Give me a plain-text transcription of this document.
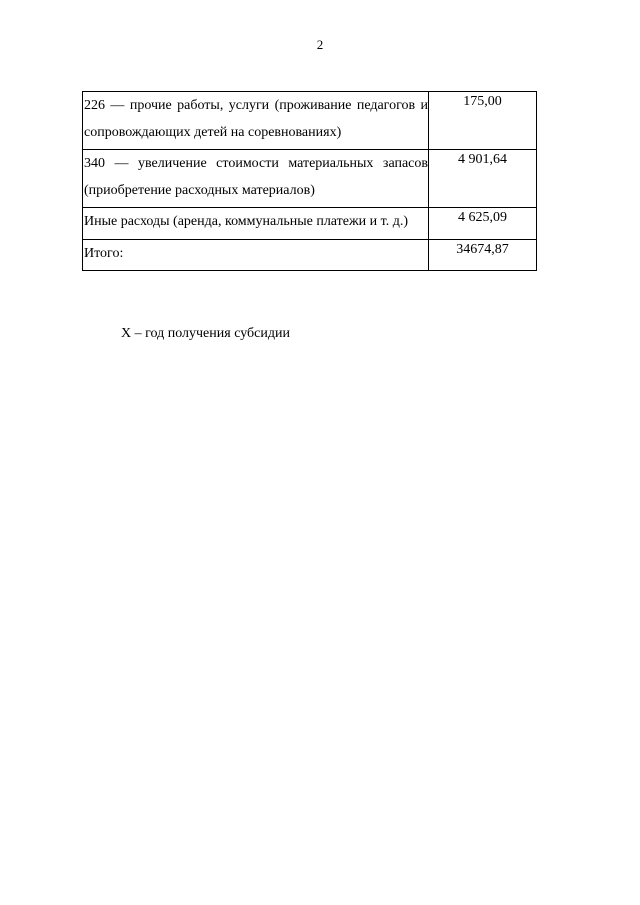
2
226 — прочие работы, услуги (проживание педагогов и сопровождающих детей на соревнованиях)	175,00
340 — увеличение стоимости материальных запасов (приобретение расходных материалов)	4 901,64
Иные расходы (аренда, коммунальные платежи и т. д.)	4 625,09
Итого:	34674,87
Х – год получения субсидии
